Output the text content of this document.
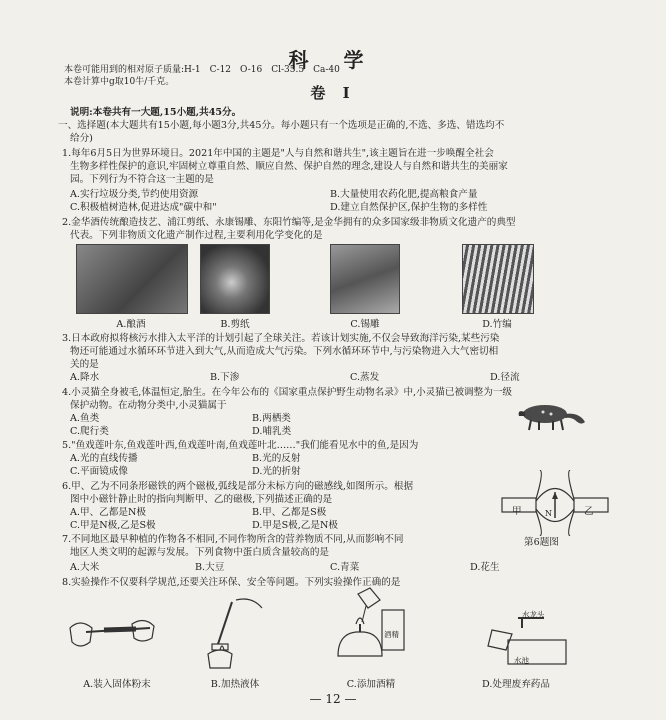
科 学
本卷可能用到的相对原子质量:H-1　C-12　O-16　Cl-35.5　Ca-40
本卷计算中g取10牛/千克。
卷 Ⅰ
说明:本卷共有一大题,15小题,共45分。
一、选择题(本大题共有15小题,每小题3分,共45分。每小题只有一个选项是正确的,不选、多选、错选均不
给分)
1.每年6月5日为世界环境日。2021年中国的主题是"人与自然和谐共生",该主题旨在进一步唤醒全社会
生物多样性保护的意识,牢固树立尊重自然、顺应自然、保护自然的理念,建设人与自然和谐共生的美丽家
园。下列行为不符合这一主题的是
A.实行垃圾分类,节约使用资源	B.大量使用农药化肥,提高粮食产量
C.积极植树造林,促进达成"碳中和"	D.建立自然保护区,保护生物的多样性
2.金华酒传统酿造技艺、浦江剪纸、永康锡雕、东阳竹编等,是金华拥有的众多国家级非物质文化遗产的典型
代表。下列非物质文化遗产制作过程,主要利用化学变化的是
A.酿酒	B.剪纸	C.锡雕	D.竹编
3.日本政府拟将核污水排入太平洋的计划引起了全球关注。若该计划实施,不仅会导致海洋污染,某些污染
物还可能通过水循环环节进入到大气,从而造成大气污染。下列水循环环节中,与污染物进入大气密切相
关的是
A.降水	B.下渗	C.蒸发	D.径流
4.小灵猫全身被毛,体温恒定,胎生。在今年公布的《国家重点保护野生动物名录》中,小灵猫已被调整为一级
保护动物。在动物分类中,小灵猫属于
A.鱼类	B.两栖类
C.爬行类	D.哺乳类
5."鱼戏莲叶东,鱼戏莲叶西,鱼戏莲叶南,鱼戏莲叶北……"我们能看见水中的鱼,是因为
A.光的直线传播	B.光的反射
C.平面镜成像	D.光的折射
6.甲、乙为不同条形磁铁的两个磁极,弧线是部分未标方向的磁感线,如图所示。根据
图中小磁针静止时的指向判断甲、乙的磁极,下列描述正确的是
A.甲、乙都是N极	B.甲、乙都是S极
C.甲是N极,乙是S极	D.甲是S极,乙是N极
甲	乙
N
第6题图
7.不同地区最早种植的作物各不相同,不同作物所含的营养物质不同,从而影响不同
地区人类文明的起源与发展。下列食物中蛋白质含量较高的是
A.大米	B.大豆	C.青菜	D.花生
8.实验操作不仅要科学规范,还要关注环保、安全等问题。下列实验操作正确的是
酒精
水龙头
水池
A.装入固体粉末	B.加热液体	C.添加酒精	D.处理废弃药品
— 12 —
